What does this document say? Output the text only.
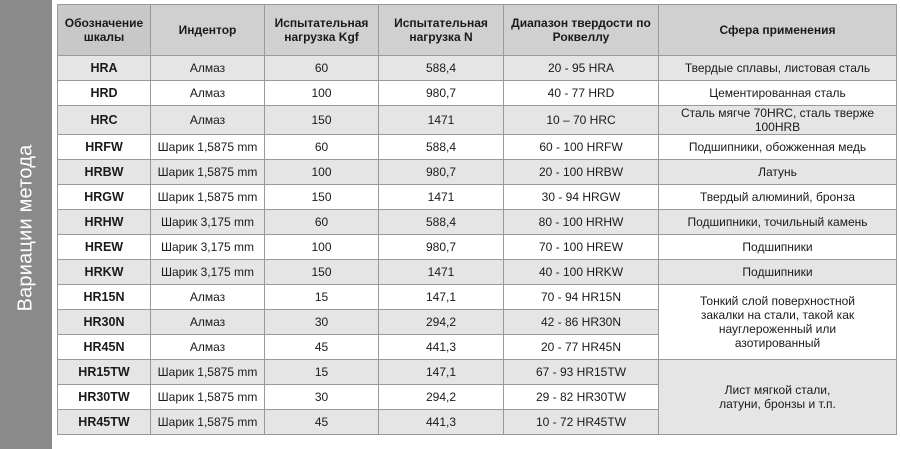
Вариации метода
Обозначение шкалы	Индентор	Испытательная нагрузка Kgf	Испытательная нагрузка N	Диапазон твердости по Роквеллу	Сфера применения
HRA	Алмаз	60	588,4	20 - 95 HRA	Твердые сплавы, листовая сталь
HRD	Алмаз	100	980,7	40 - 77 HRD	Цементированная сталь
HRC	Алмаз	150	1471	10 – 70 HRC	Сталь мягче 70HRC, сталь тверже 100HRB
HRFW	Шарик 1,5875 mm	60	588,4	60 - 100 HRFW	Подшипники, обожженная медь
HRBW	Шарик 1,5875 mm	100	980,7	20 - 100 HRBW	Латунь
HRGW	Шарик 1,5875 mm	150	1471	30 - 94 HRGW	Твердый алюминий, бронза
HRHW	Шарик 3,175 mm	60	588,4	80 - 100 HRHW	Подшипники, точильный камень
HREW	Шарик 3,175 mm	100	980,7	70 - 100 HREW	Подшипники
HRKW	Шарик 3,175 mm	150	1471	40 - 100 HRKW	Подшипники
HR15N	Алмаз	15	147,1	70 - 94 HR15N	Тонкий слой поверхностной закалки на стали, такой как науглероженный или азотированный
HR30N	Алмаз	30	294,2	42 - 86 HR30N	
HR45N	Алмаз	45	441,3	20 - 77 HR45N	
HR15TW	Шарик 1,5875 mm	15	147,1	67 - 93 HR15TW	Лист мягкой стали, латуни, бронзы и т.п.
HR30TW	Шарик 1,5875 mm	30	294,2	29 - 82 HR30TW	
HR45TW	Шарик 1,5875 mm	45	441,3	10 - 72 HR45TW	
